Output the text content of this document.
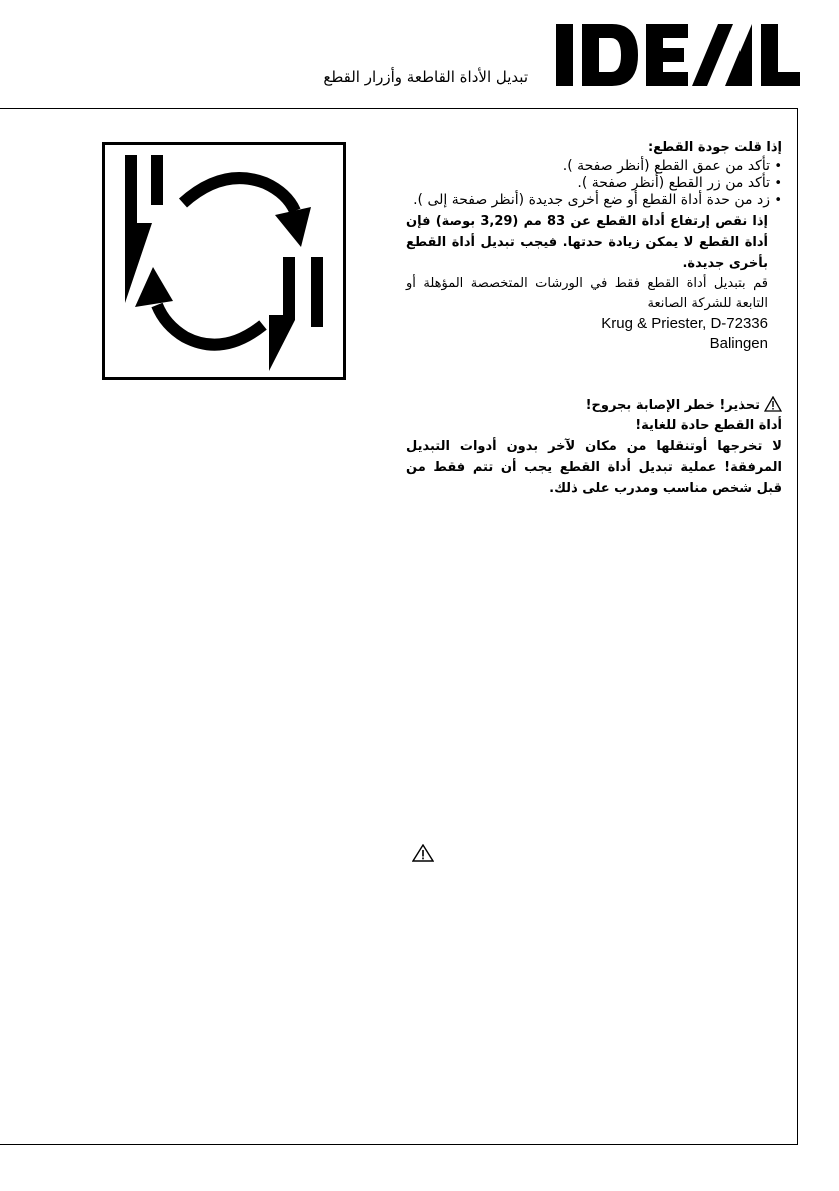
تبديل الأداة القاطعة وأزرار القطع
إذا قلت جودة القطع:
• تأكد من عمق القطع (أنظر صفحة ).
• تأكد من زر القطع (أنظر صفحة ).
• زد من حدة أداة القطع أو ضع أخرى جديدة (أنظر صفحة إلى ).
إذا نقص إرتفاع أداة القطع عن 83 مم (3,29 بوصة) فإن أداة القطع لا يمكن زيادة حدتها. فيجب تبديل أداة القطع بأخرى جديدة.
قم بتبديل أداة القطع فقط في الورشات المتخصصة المؤهلة أو التابعة للشركة الصانعة
Krug & Priester, D-72336
Balingen
تحذير! خطر الإصابة بجروح!
أداة القطع حادة للغاية!
لا تخرجها أوتنقلها من مكان لآخر بدون أدوات التبديل المرفقة! عملية تبديل أداة القطع يجب أن تتم فقط من قبل شخص مناسب ومدرب على ذلك.
